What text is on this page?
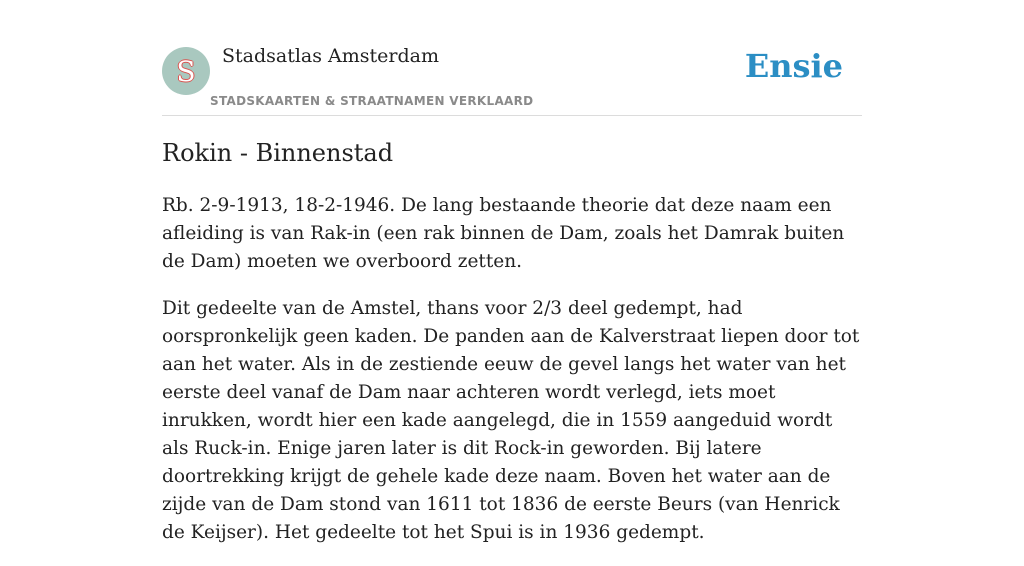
S Stadsatlas Amsterdam
STADSKAARTEN & STRAATNAMEN VERKLAARD
Ensie
Rokin - Binnenstad

Rb. 2-9-1913, 18-2-1946. De lang bestaande theorie dat deze naam een afleiding is van Rak-in (een rak binnen de Dam, zoals het Damrak buiten de Dam) moeten we overboord zetten.

Dit gedeelte van de Amstel, thans voor 2/3 deel gedempt, had oorspronkelijk geen kaden. De panden aan de Kalverstraat liepen door tot aan het water. Als in de zestiende eeuw de gevel langs het water van het eerste deel vanaf de Dam naar achteren wordt verlegd, iets moet inrukken, wordt hier een kade aangelegd, die in 1559 aangeduid wordt als Ruck-in. Enige jaren later is dit Rock-in geworden. Bij latere doortrekking krijgt de gehele kade deze naam. Boven het water aan de zijde van de Dam stond van 1611 tot 1836 de eerste Beurs (van Henrick de Keijser). Het gedeelte tot het Spui is in 1936 gedempt.
